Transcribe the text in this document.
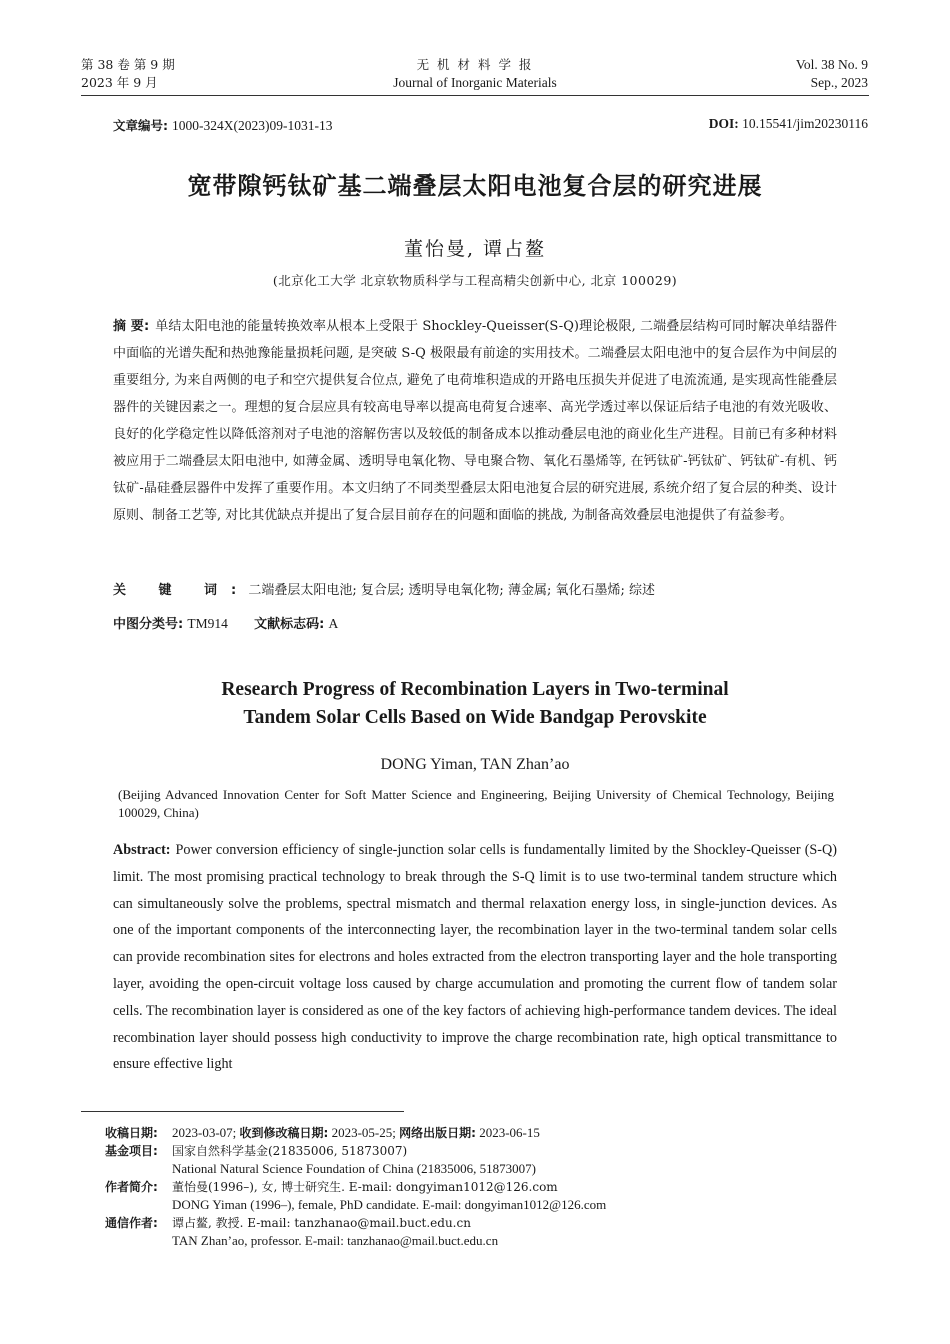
第 38 卷 第 9 期
2023 年 9 月
无 机 材 料 学 报
Journal of Inorganic Materials
Vol. 38 No. 9
Sep., 2023
文章编号: 1000-324X(2023)09-1031-13	DOI: 10.15541/jim20230116
宽带隙钙钛矿基二端叠层太阳电池复合层的研究进展
董怡曼, 谭占鳌
(北京化工大学 北京软物质科学与工程高精尖创新中心, 北京 100029)
摘 要: 单结太阳电池的能量转换效率从根本上受限于 Shockley-Queisser(S-Q)理论极限, 二端叠层结构可同时解决单结器件中面临的光谱失配和热弛豫能量损耗问题, 是突破 S-Q 极限最有前途的实用技术。二端叠层太阳电池中的复合层作为中间层的重要组分, 为来自两侧的电子和空穴提供复合位点, 避免了电荷堆积造成的开路电压损失并促进了电流流通, 是实现高性能叠层器件的关键因素之一。理想的复合层应具有较高电导率以提高电荷复合速率、高光学透过率以保证后结子电池的有效光吸收、良好的化学稳定性以降低溶剂对子电池的溶解伤害以及较低的制备成本以推动叠层电池的商业化生产进程。目前已有多种材料被应用于二端叠层太阳电池中, 如薄金属、透明导电氧化物、导电聚合物、氧化石墨烯等, 在钙钛矿-钙钛矿、钙钛矿-有机、钙钛矿-晶硅叠层器件中发挥了重要作用。本文归纳了不同类型叠层太阳电池复合层的研究进展, 系统介绍了复合层的种类、设计原则、制备工艺等, 对比其优缺点并提出了复合层目前存在的问题和面临的挑战, 为制备高效叠层电池提供了有益参考。
关 键 词: 二端叠层太阳电池; 复合层; 透明导电氧化物; 薄金属; 氧化石墨烯; 综述
中图分类号: TM914 文献标志码: A
Research Progress of Recombination Layers in Two-terminal
Tandem Solar Cells Based on Wide Bandgap Perovskite
DONG Yiman, TAN Zhan’ao
(Beijing Advanced Innovation Center for Soft Matter Science and Engineering, Beijing University of Chemical Technology, Beijing 100029, China)
Abstract: Power conversion efficiency of single-junction solar cells is fundamentally limited by the Shockley-Queisser (S-Q) limit. The most promising practical technology to break through the S-Q limit is to use two-terminal tandem structure which can simultaneously solve the problems, spectral mismatch and thermal relaxation energy loss, in single-junction devices. As one of the important components of the interconnecting layer, the recombination layer in the two-terminal tandem solar cells can provide recombination sites for electrons and holes extracted from the electron transporting layer and the hole transporting layer, avoiding the open-circuit voltage loss caused by charge accumulation and promoting the current flow of tandem solar cells. The recombination layer is considered as one of the key factors of achieving high-performance tandem devices. The ideal recombination layer should possess high conductivity to improve the charge recombination rate, high optical transmittance to ensure effective light
收稿日期:	2023-03-07; 收到修改稿日期: 2023-05-25; 网络出版日期: 2023-06-15
基金项目:	国家自然科学基金(21835006, 51873007)
National Natural Science Foundation of China (21835006, 51873007)
作者简介:	董怡曼(1996–), 女, 博士研究生. E-mail: dongyiman1012@126.com
DONG Yiman (1996–), female, PhD candidate. E-mail: dongyiman1012@126.com
通信作者:	谭占鳌, 教授. E-mail: tanzhanao@mail.buct.edu.cn
TAN Zhan’ao, professor. E-mail: tanzhanao@mail.buct.edu.cn
